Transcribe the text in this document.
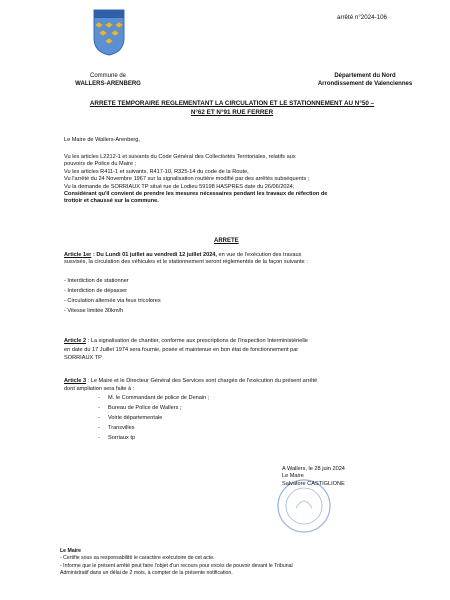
arrêté n°2024-106
Commune de
WALLERS-ARENBERG
Département du Nord
Arrondissement de Valenciennes
ARRETE TEMPORAIRE REGLEMENTANT LA CIRCULATION ET LE STATIONNEMENT AU N°50 –
N°62 ET N°91 RUE FERRER
Le Maire de Wallers-Arenberg,

Vu les articles L2212-1 et suivants du Code Général des Collectivités Territoriales, relatifs aux

pouvoirs de Police du Maire ;

Vu les articles R411-1 et suivants, R417-10, R325-14 du code de la Route,

Vu l'arrêté du 24 Novembre 1967 sur la signalisation routière modifié par des arrêtés subséquents ;

Vu la demande de SORRIAUX TP situé rue de Lodieu 59198 HASPRES date du 26/06/2024;

Considérant qu'il convient de prendre les mesures nécessaires pendant les travaux de réfection de

trottoir et chaussé sur la commune.

ARRETE

Article 1er : Du Lundi 01 juillet au vendredi 12 juillet 2024, en vue de l'exécution des travaux

susvisés, la circulation des véhicules et le stationnement seront réglementés de la façon suivante :

- Interdiction de stationner
- Interdiction de dépasser
- Circulation alternée via feux tricolores
- Vitesse limitée 30km/h

Article 2 : La signalisation de chantier, conforme aux prescriptions de l'Inspection Interministérielle

en date du 17 Juillet 1974 sera fournie, posée et maintenue en bon état de fonctionnement par

SORRIAUX TP

Article 3 : Le Maire et le Directeur Général des Services sont chargés de l'exécution du présent arrêté

dont ampliation sera faite à :

- M. le Commandant de police de Denain ;
- Bureau de Police de Wallers ;
- Voirie départementale
- Transvilles
- Sorriaux tp
A Wallers, le 28 juin 2024
Le Maire
Salvatore CASTIGLIONE
Le Maire
- Certifie sous sa responsabilité le caractère exécutoire de cet acte.
- Informe que le présent arrêté peut faire l'objet d'un recours pour excès de pouvoir devant le Tribunal
Administratif dans un délai de 2 mois, à compter de la présente notification.
